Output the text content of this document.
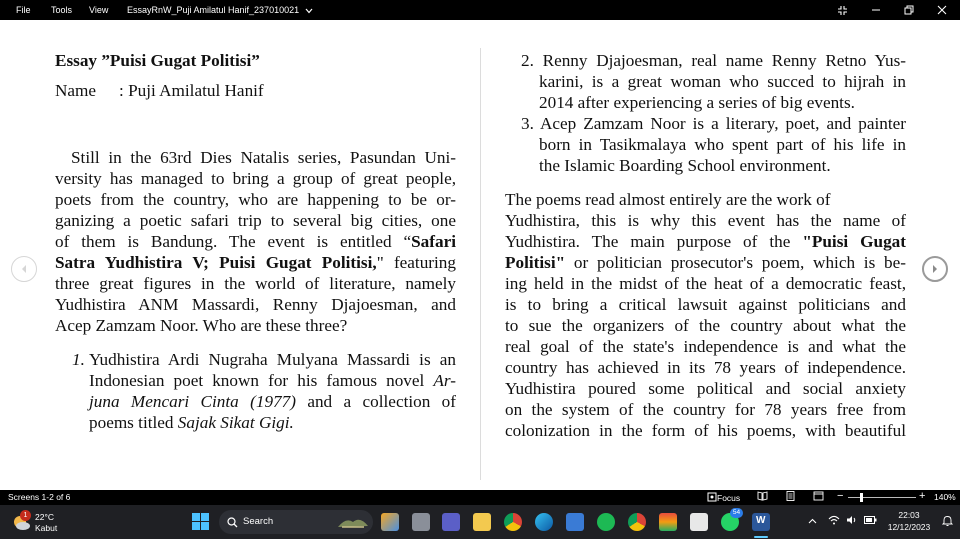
File Tools View EssayRnW_Puji Amilatul Hanif_237010021
Essay ”Puisi Gugat Politisi”
Name : Puji Amilatul Hanif
Still in the 63rd Dies Natalis series, Pasundan Uni-
versity has managed to bring a group of great people,
poets from the country, who are happening to be or-
ganizing a poetic safari trip to several big cities, one
of them is Bandung. The event is entitled “Safari
Satra Yudhistira V; Puisi Gugat Politisi," featuring
three great figures in the world of literature, namely
Yudhistira ANM Massardi, Renny Djajoesman, and
Acep Zamzam Noor. Who are these three?
1. Yudhistira Ardi Nugraha Mulyana Massardi is an
Indonesian poet known for his famous novel Ar-
juna Mencari Cinta (1977) and a collection of
poems titled Sajak Sikat Gigi.
2. Renny Djajoesman, real name Renny Retno Yus-
karini, is a great woman who succed to hijrah in
2014 after experiencing a series of big events.
3. Acep Zamzam Noor is a literary, poet, and painter
born in Tasikmalaya who spent part of his life in
the Islamic Boarding School environment.
The poems read almost entirely are the work of
Yudhistira, this is why this event has the name of
Yudhistira. The main purpose of the "Puisi Gugat
Politisi" or politician prosecutor's poem, which is be-
ing held in the midst of the heat of a democratic feast,
is to bring a critical lawsuit against politicians and
to sue the organizers of the country about what the
real goal of the state's independence is and what the
country has achieved in its 78 years of independence.
Yudhistira poured some political and social anxiety
on the system of the country for 78 years free from
colonization in the form of his poems, with beautiful
Screens 1-2 of 6	Focus	−	+ 140%
1 22°C
Kabut
Search
54
W	22:03
12/12/2023
